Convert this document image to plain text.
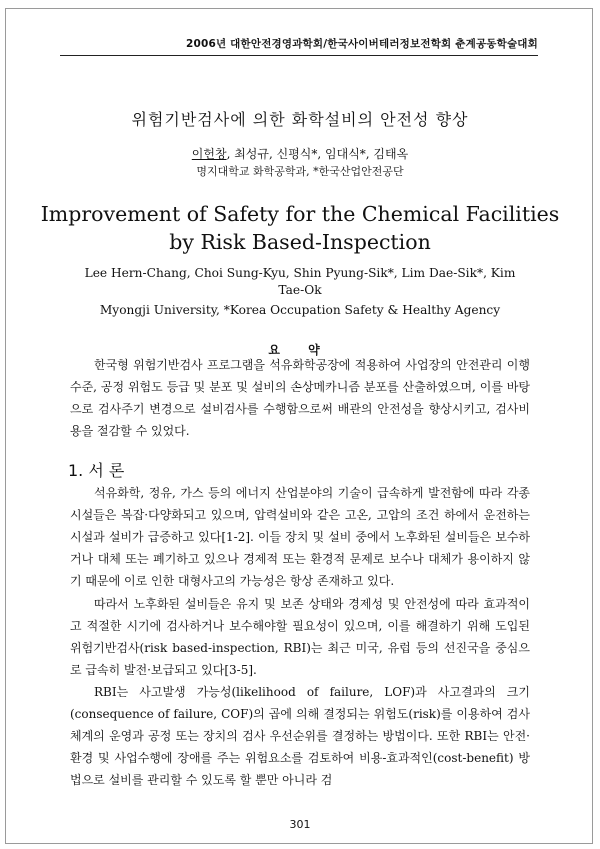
2006년 대한안전경영과학회/한국사이버테러정보전학회 춘계공동학술대회
위험기반검사에 의한 화학설비의 안전성 향상
이헌창, 최성규, 신평식*, 임대식*, 김태옥
명지대학교 화학공학과, *한국산업안전공단
Improvement of Safety for the Chemical Facilities
by Risk Based-Inspection
Lee Hern-Chang, Choi Sung-Kyu, Shin Pyung-Sik*, Lim Dae-Sik*, Kim Tae-Ok
Myongji University, *Korea Occupation Safety & Healthy Agency
요 약
한국형 위험기반검사 프로그램을 석유화학공장에 적용하여 사업장의 안전관리 이행수준, 공정 위험도 등급 및 분포 및 설비의 손상메카니즘 분포를 산출하였으며, 이를 바탕으로 검사주기 변경으로 설비검사를 수행함으로써 배관의 안전성을 향상시키고, 검사비용을 절감할 수 있었다.
1. 서 론
석유화학, 정유, 가스 등의 에너지 산업분야의 기술이 급속하게 발전함에 따라 각종 시설들은 복잡·다양화되고 있으며, 압력설비와 같은 고온, 고압의 조건 하에서 운전하는 시설과 설비가 급증하고 있다[1-2]. 이들 장치 및 설비 중에서 노후화된 설비들은 보수하거나 대체 또는 폐기하고 있으나 경제적 또는 환경적 문제로 보수나 대체가 용이하지 않기 때문에 이로 인한 대형사고의 가능성은 항상 존재하고 있다.
따라서 노후화된 설비들은 유지 및 보존 상태와 경제성 및 안전성에 따라 효과적이고 적절한 시기에 검사하거나 보수해야할 필요성이 있으며, 이를 해결하기 위해 도입된 위험기반검사(risk based-inspection, RBI)는 최근 미국, 유럽 등의 선진국을 중심으로 급속히 발전·보급되고 있다[3-5].
RBI는 사고발생 가능성(likelihood of failure, LOF)과 사고결과의 크기(consequence of failure, COF)의 곱에 의해 결정되는 위험도(risk)를 이용하여 검사체계의 운영과 공정 또는 장치의 검사 우선순위를 결정하는 방법이다. 또한 RBI는 안전·환경 및 사업수행에 장애를 주는 위험요소를 검토하여 비용-효과적인(cost-benefit) 방법으로 설비를 관리할 수 있도록 할 뿐만 아니라 검
301
